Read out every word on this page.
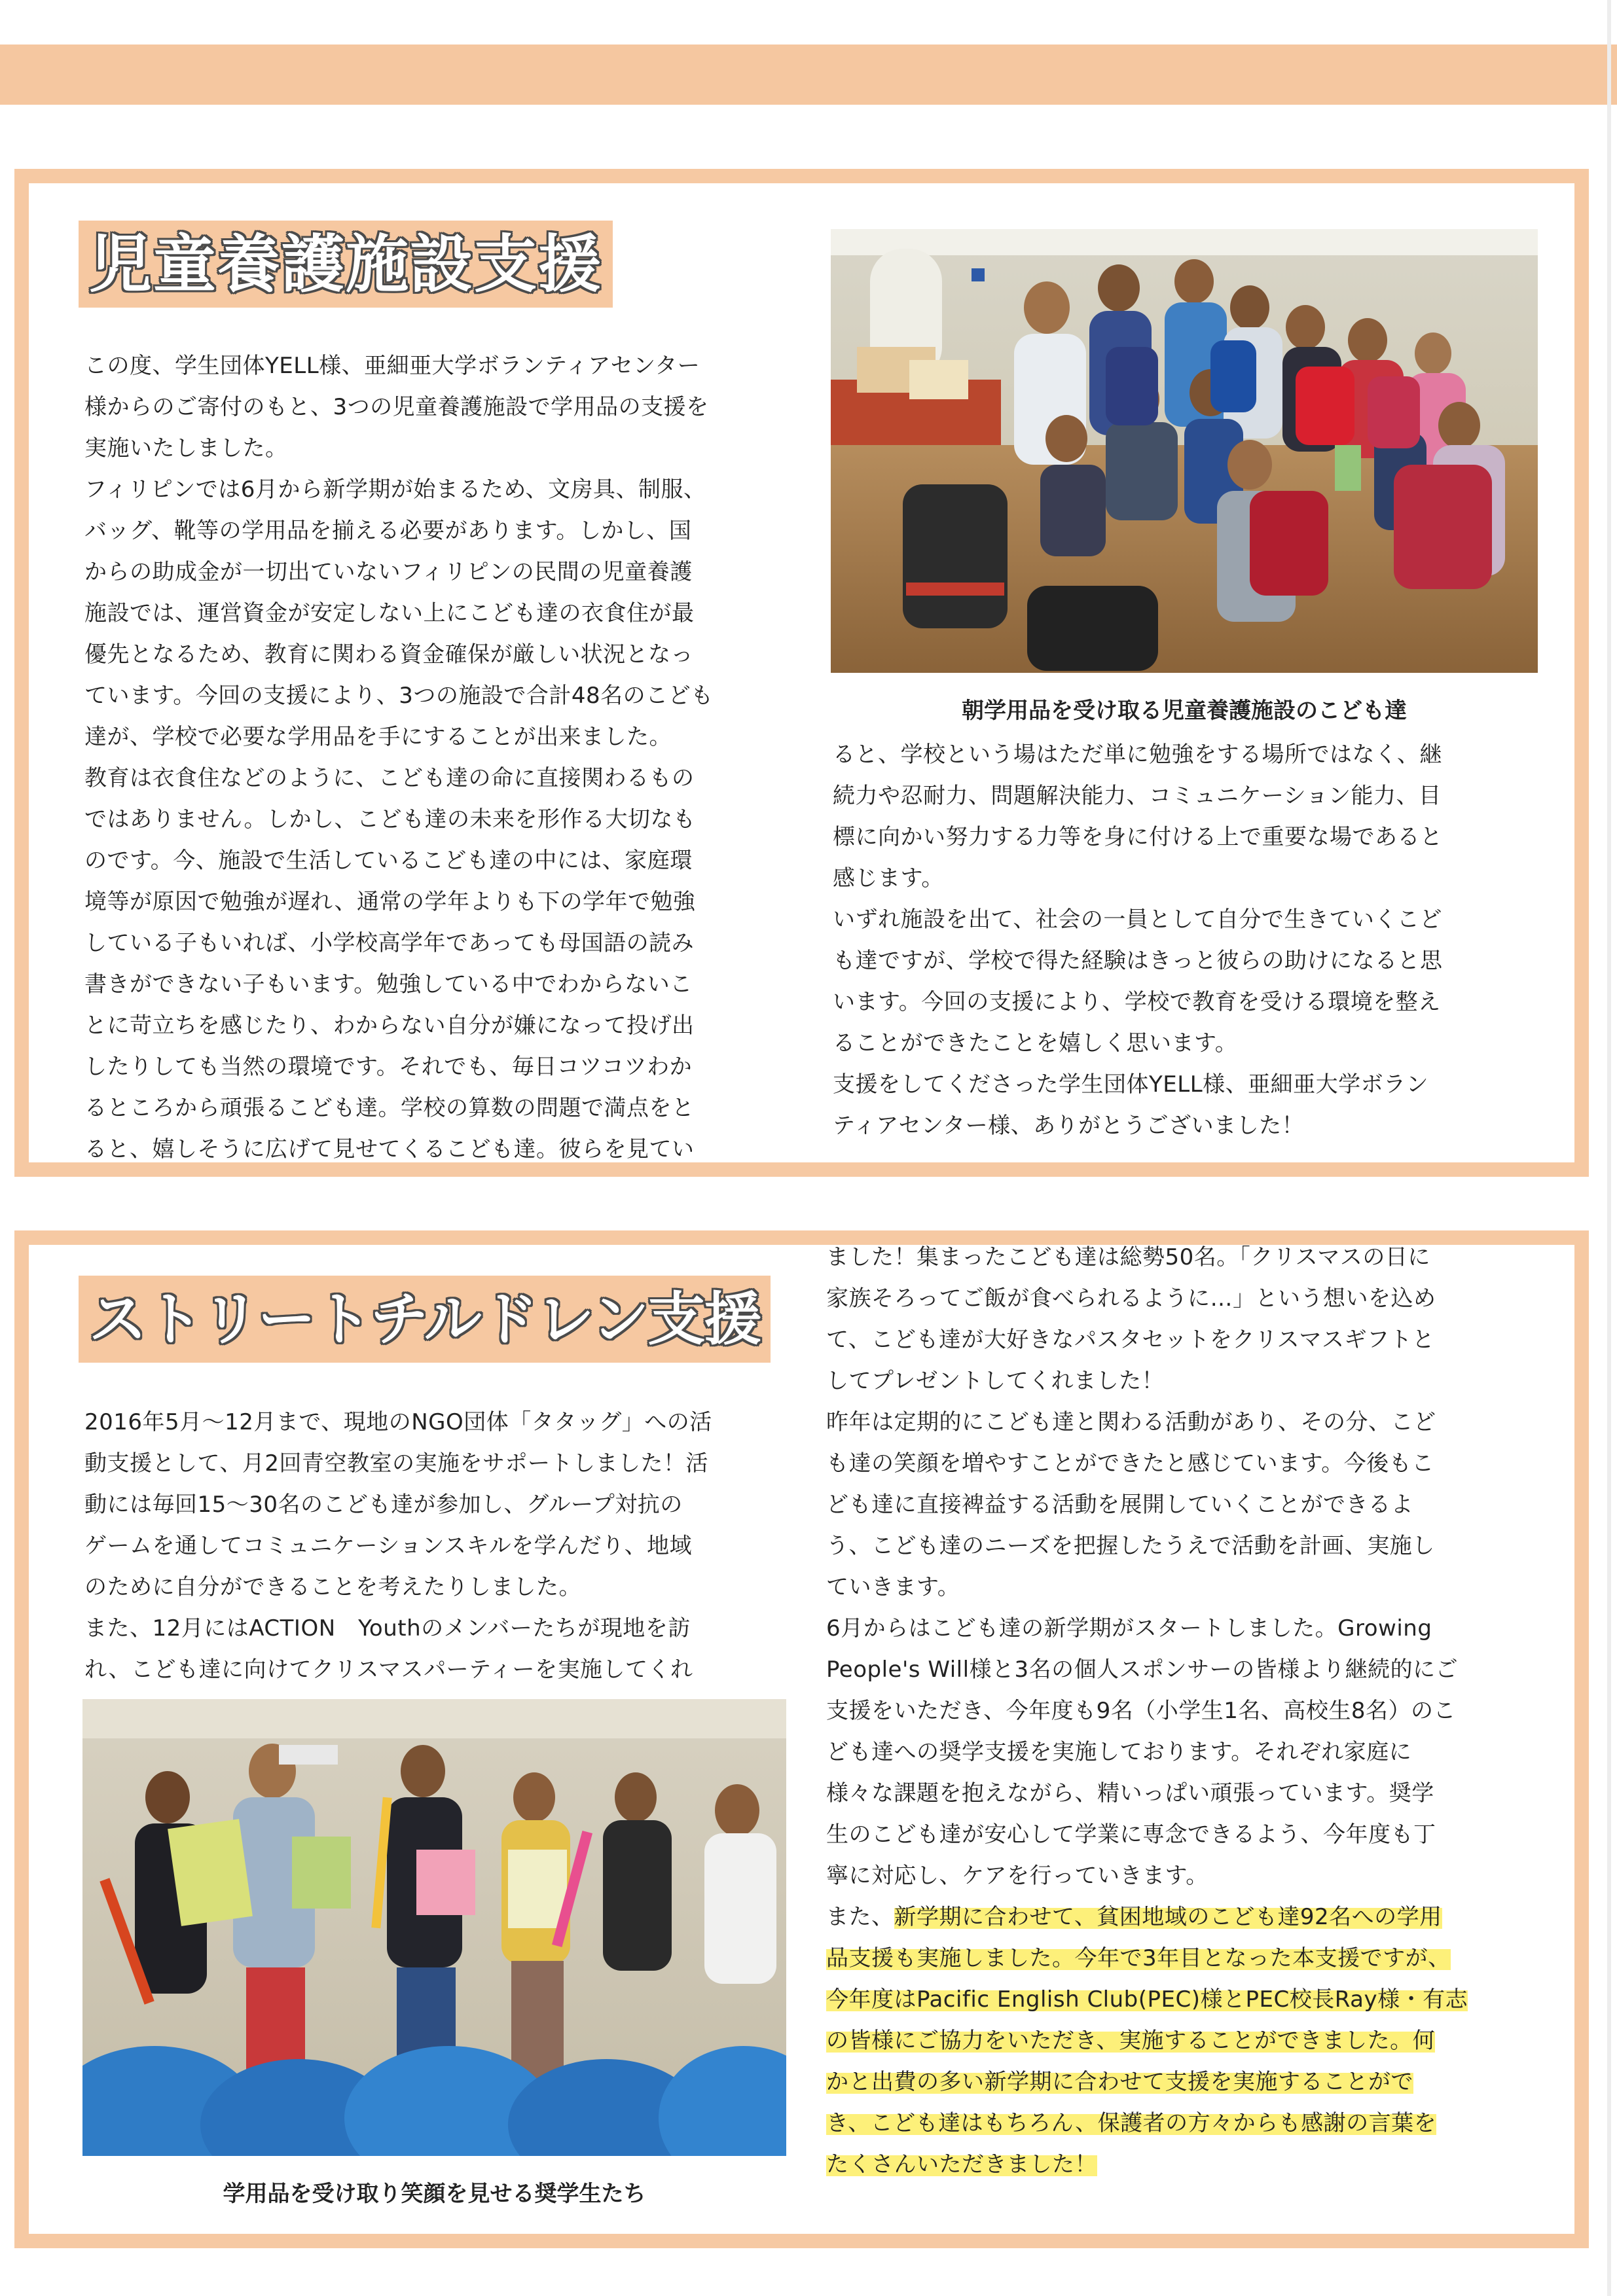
児童養護施設支援

この度、学生団体YELL様、亜細亜大学ボランティアセンター

様からのご寄付のもと、3つの児童養護施設で学用品の支援を

実施いたしました。

フィリピンでは6月から新学期が始まるため、文房具、制服、

バッグ、靴等の学用品を揃える必要があります。しかし、国

からの助成金が一切出ていないフィリピンの民間の児童養護

施設では、運営資金が安定しない上にこども達の衣食住が最

優先となるため、教育に関わる資金確保が厳しい状況となっ

ています。今回の支援により、3つの施設で合計48名のこども

達が、学校で必要な学用品を手にすることが出来ました。

教育は衣食住などのように、こども達の命に直接関わるもの

ではありません。しかし、こども達の未来を形作る大切なも

のです。今、施設で生活しているこども達の中には、家庭環

境等が原因で勉強が遅れ、通常の学年よりも下の学年で勉強

している子もいれば、小学校高学年であっても母国語の読み

書きができない子もいます。勉強している中でわからないこ

とに苛立ちを感じたり、わからない自分が嫌になって投げ出

したりしても当然の環境です。それでも、毎日コツコツわか

るところから頑張るこども達。学校の算数の問題で満点をと

ると、嬉しそうに広げて見せてくるこども達。彼らを見てい

朝学用品を受け取る児童養護施設のこども達

ると、学校という場はただ単に勉強をする場所ではなく、継

続力や忍耐力、問題解決能力、コミュニケーション能力、目

標に向かい努力する力等を身に付ける上で重要な場であると

感じます。

いずれ施設を出て、社会の一員として自分で生きていくこど

も達ですが、学校で得た経験はきっと彼らの助けになると思

います。今回の支援により、学校で教育を受ける環境を整え

ることができたことを嬉しく思います。

支援をしてくださった学生団体YELL様、亜細亜大学ボラン

ティアセンター様、ありがとうございました！

ストリートチルドレン支援

2016年5月～12月まで、現地のNGO団体「タタッグ」への活

動支援として、月2回青空教室の実施をサポートしました！活

動には毎回15～30名のこども達が参加し、グループ対抗の

ゲームを通してコミュニケーションスキルを学んだり、地域

のために自分ができることを考えたりしました。

また、12月にはACTION　Youthのメンバーたちが現地を訪

れ、こども達に向けてクリスマスパーティーを実施してくれ

学用品を受け取り笑顔を見せる奨学生たち

ました！集まったこども達は総勢50名。「クリスマスの日に

家族そろってご飯が食べられるように…」という想いを込め

て、こども達が大好きなパスタセットをクリスマスギフトと

してプレゼントしてくれました！

昨年は定期的にこども達と関わる活動があり、その分、こど

も達の笑顔を増やすことができたと感じています。今後もこ

ども達に直接裨益する活動を展開していくことができるよ

う、こども達のニーズを把握したうえで活動を計画、実施し

ていきます。

6月からはこども達の新学期がスタートしました。Growing

People's Will様と3名の個人スポンサーの皆様より継続的にご

支援をいただき、今年度も9名（小学生1名、高校生8名）のこ

ども達への奨学支援を実施しております。それぞれ家庭に

様々な課題を抱えながら、精いっぱい頑張っています。奨学

生のこども達が安心して学業に専念できるよう、今年度も丁

寧に対応し、ケアを行っていきます。

また、新学期に合わせて、貧困地域のこども達92名への学用

品支援も実施しました。今年で3年目となった本支援ですが、

今年度はPacific English Club(PEC)様とPEC校長Ray様・有志

の皆様にご協力をいただき、実施することができました。何

かと出費の多い新学期に合わせて支援を実施することがで

き、こども達はもちろん、保護者の方々からも感謝の言葉を

たくさんいただきました！
